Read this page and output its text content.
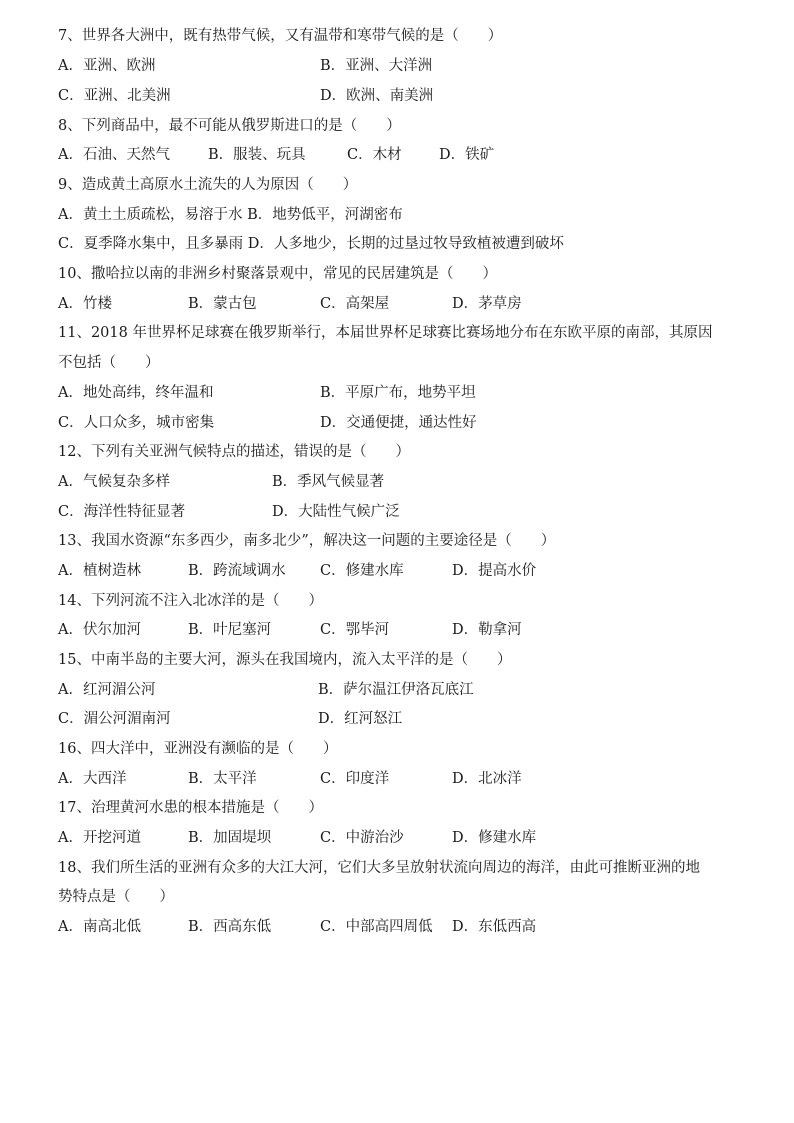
7、世界各大洲中，既有热带气候，又有温带和寒带气候的是（　　）
A．亚洲、欧洲	B．亚洲、大洋洲
C．亚洲、北美洲	D．欧洲、南美洲
8、下列商品中，最不可能从俄罗斯进口的是（　　）
A．石油、天然气	B．服装、玩具	C．木材	D．铁矿
9、造成黄土高原水土流失的人为原因（　　）
A．黄土土质疏松，易溶于水 B．地势低平，河湖密布
C．夏季降水集中，且多暴雨 D．人多地少，长期的过垦过牧导致植被遭到破坏
10、撒哈拉以南的非洲乡村聚落景观中，常见的民居建筑是（　　）
A．竹楼	B．蒙古包	C．高架屋	D．茅草房
11、2018 年世界杯足球赛在俄罗斯举行，本届世界杯足球赛比赛场地分布在东欧平原的南部，其原因
不包括（　　）
A．地处高纬，终年温和	B．平原广布，地势平坦
C．人口众多，城市密集	D．交通便捷，通达性好
12、下列有关亚洲气候特点的描述，错误的是（　　）
A．气候复杂多样	B．季风气候显著
C．海洋性特征显著	D．大陆性气候广泛
13、我国水资源“东多西少，南多北少”，解决这一问题的主要途径是（　　）
A．植树造林	B．跨流域调水 C．修建水库	D．提高水价
14、下列河流不注入北冰洋的是（　　）
A．伏尔加河	B．叶尼塞河	C．鄂毕河	D．勒拿河
15、中南半岛的主要大河，源头在我国境内，流入太平洋的是（　　）
A．红河湄公河	B．萨尔温江伊洛瓦底江
C．湄公河湄南河	D．红河怒江
16、四大洋中，亚洲没有濒临的是（　　）
A．大西洋	B．太平洋	C．印度洋	D．北冰洋
17、治理黄河水患的根本措施是（　　）
A．开挖河道	B．加固堤坝	C．中游治沙	D．修建水库
18、我们所生活的亚洲有众多的大江大河，它们大多呈放射状流向周边的海洋，由此可推断亚洲的地
势特点是（　　）
A．南高北低	B．西高东低	C．中部高四周低 D．东低西高
